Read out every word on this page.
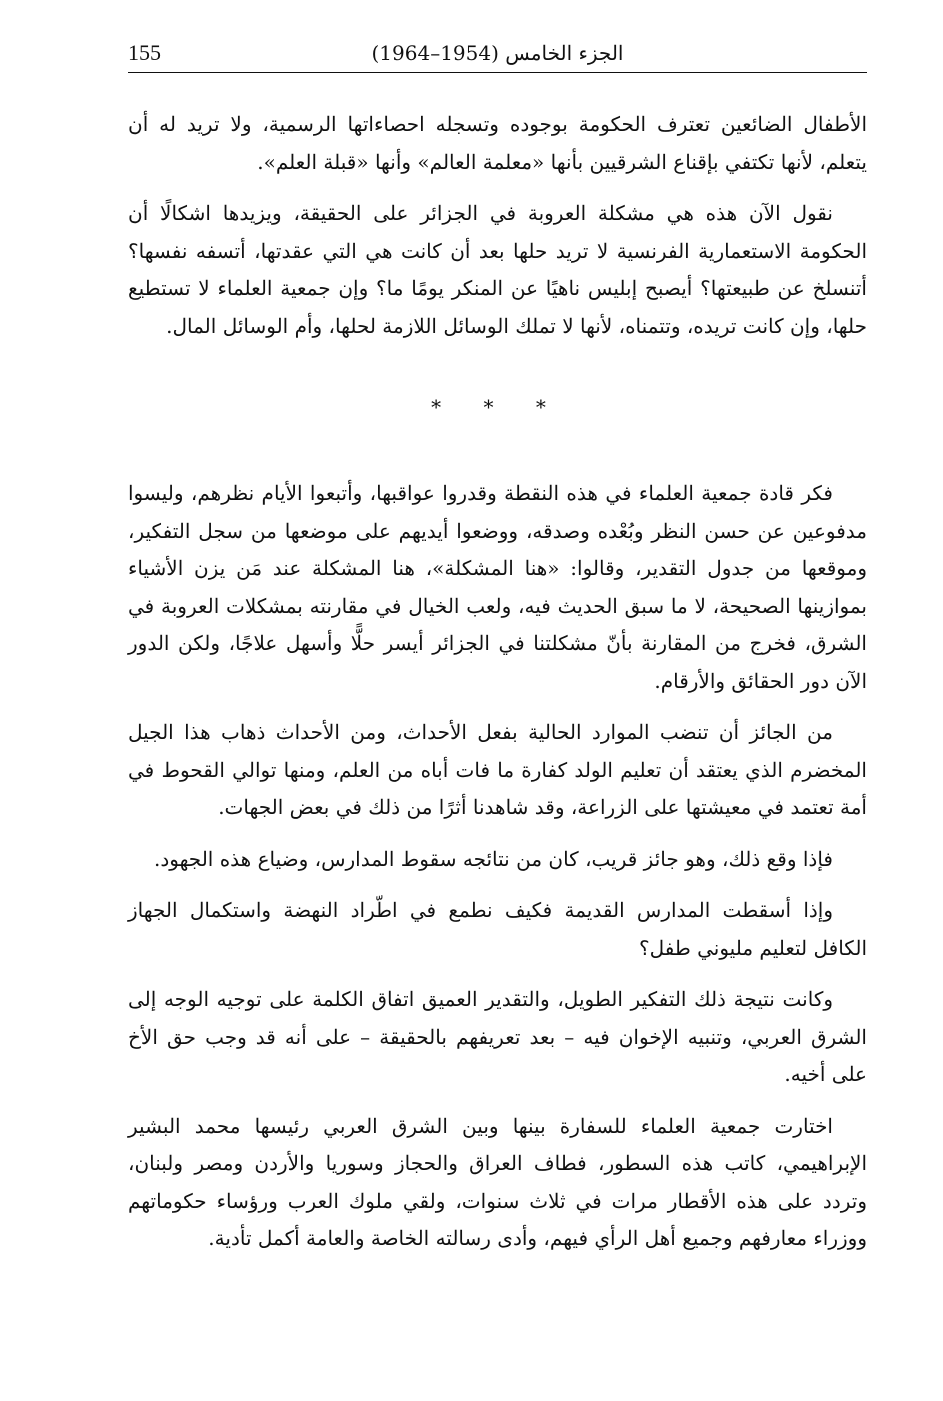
155	الجزء الخامس (1954–1964)

الأطفال الضائعين تعترف الحكومة بوجوده وتسجله احصاءاتها الرسمية، ولا تريد له أن يتعلم، لأنها تكتفي بإقناع الشرقيين بأنها «معلمة العالم» وأنها «قبلة العلم».

نقول الآن هذه هي مشكلة العروبة في الجزائر على الحقيقة، ويزيدها اشكالًا أن الحكومة الاستعمارية الفرنسية لا تريد حلها بعد أن كانت هي التي عقدتها، أتسفه نفسها؟ أتنسلخ عن طبيعتها؟ أيصبح إبليس ناهيًا عن المنكر يومًا ما؟ وإن جمعية العلماء لا تستطيع حلها، وإن كانت تريده، وتتمناه، لأنها لا تملك الوسائل اللازمة لحلها، وأم الوسائل المال.

* * *

فكر قادة جمعية العلماء في هذه النقطة وقدروا عواقبها، وأتبعوا الأيام نظرهم، وليسوا مدفوعين عن حسن النظر وبُعْده وصدقه، ووضعوا أيديهم على موضعها من سجل التفكير، وموقعها من جدول التقدير، وقالوا: «هنا المشكلة»، هنا المشكلة عند مَن يزن الأشياء بموازينها الصحيحة، لا ما سبق الحديث فيه، ولعب الخيال في مقارنته بمشكلات العروبة في الشرق، فخرج من المقارنة بأنّ مشكلتنا في الجزائر أيسر حلًّا وأسهل علاجًا، ولكن الدور الآن دور الحقائق والأرقام.

من الجائز أن تنضب الموارد الحالية بفعل الأحداث، ومن الأحداث ذهاب هذا الجيل المخضرم الذي يعتقد أن تعليم الولد كفارة ما فات أباه من العلم، ومنها توالي القحوط في أمة تعتمد في معيشتها على الزراعة، وقد شاهدنا أثرًا من ذلك في بعض الجهات.

فإذا وقع ذلك، وهو جائز قريب، كان من نتائجه سقوط المدارس، وضياع هذه الجهود.

وإذا أسقطت المدارس القديمة فكيف نطمع في اطّراد النهضة واستكمال الجهاز الكافل لتعليم مليوني طفل؟

وكانت نتيجة ذلك التفكير الطويل، والتقدير العميق اتفاق الكلمة على توجيه الوجه إلى الشرق العربي، وتنبيه الإخوان فيه – بعد تعريفهم بالحقيقة – على أنه قد وجب حق الأخ على أخيه.

اختارت جمعية العلماء للسفارة بينها وبين الشرق العربي رئيسها محمد البشير الإبراهيمي، كاتب هذه السطور، فطاف العراق والحجاز وسوريا والأردن ومصر ولبنان، وتردد على هذه الأقطار مرات في ثلاث سنوات، ولقي ملوك العرب ورؤساء حكوماتهم ووزراء معارفهم وجميع أهل الرأي فيهم، وأدى رسالته الخاصة والعامة أكمل تأدية.
